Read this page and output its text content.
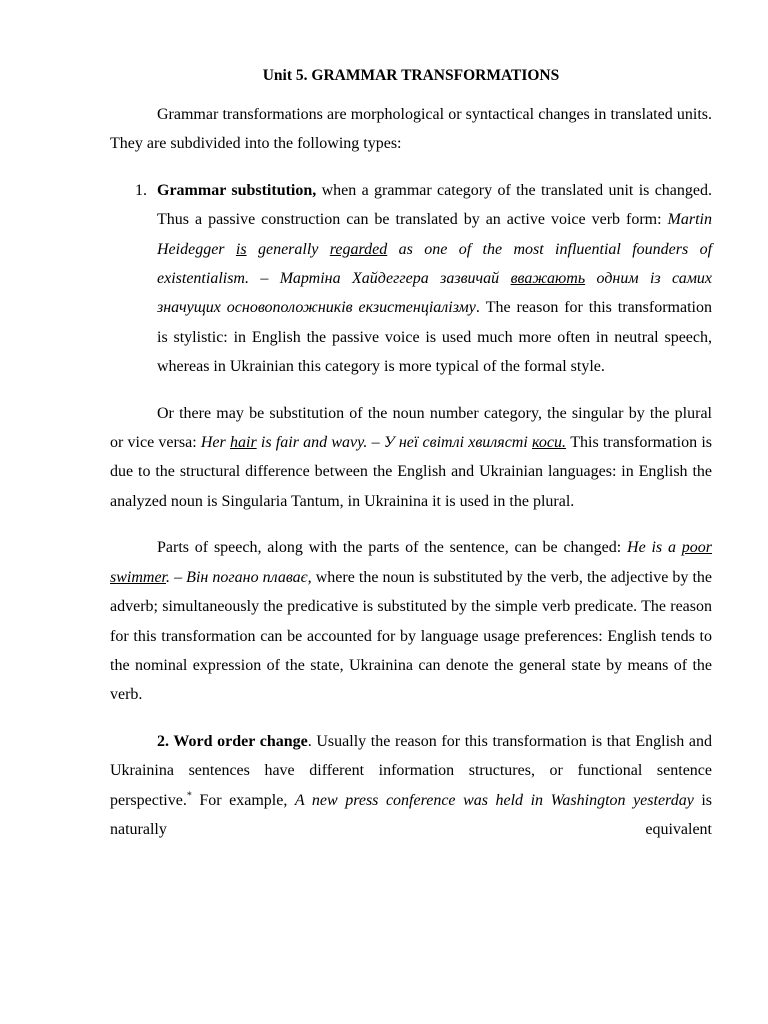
Unit 5. GRAMMAR TRANSFORMATIONS

Grammar transformations are morphological or syntactical changes in translated units. They are subdivided into the following types:

1. Grammar substitution, when a grammar category of the translated unit is changed. Thus a passive construction can be translated by an active voice verb form: Martin Heidegger is generally regarded as one of the most influential founders of existentialism. – Мартіна Хайдеггера зазвичай вважають одним із самих значущих основоположників екзистенціалізму. The reason for this transformation is stylistic: in English the passive voice is used much more often in neutral speech, whereas in Ukrainian this category is more typical of the formal style.

Or there may be substitution of the noun number category, the singular by the plural or vice versa: Her hair is fair and wavy. – У неї світлі хвилясті коси. This transformation is due to the structural difference between the English and Ukrainian languages: in English the analyzed noun is Singularia Tantum, in Ukrainina it is used in the plural.

Parts of speech, along with the parts of the sentence, can be changed: He is a poor swimmer. – Він погано плаває, where the noun is substituted by the verb, the adjective by the adverb; simultaneously the predicative is substituted by the simple verb predicate. The reason for this transformation can be accounted for by language usage preferences: English tends to the nominal expression of the state, Ukrainina can denote the general state by means of the verb.

2. Word order change. Usually the reason for this transformation is that English and Ukrainina sentences have different information structures, or functional sentence perspective.* For example, A new press conference was held in Washington yesterday is naturally equivalent
